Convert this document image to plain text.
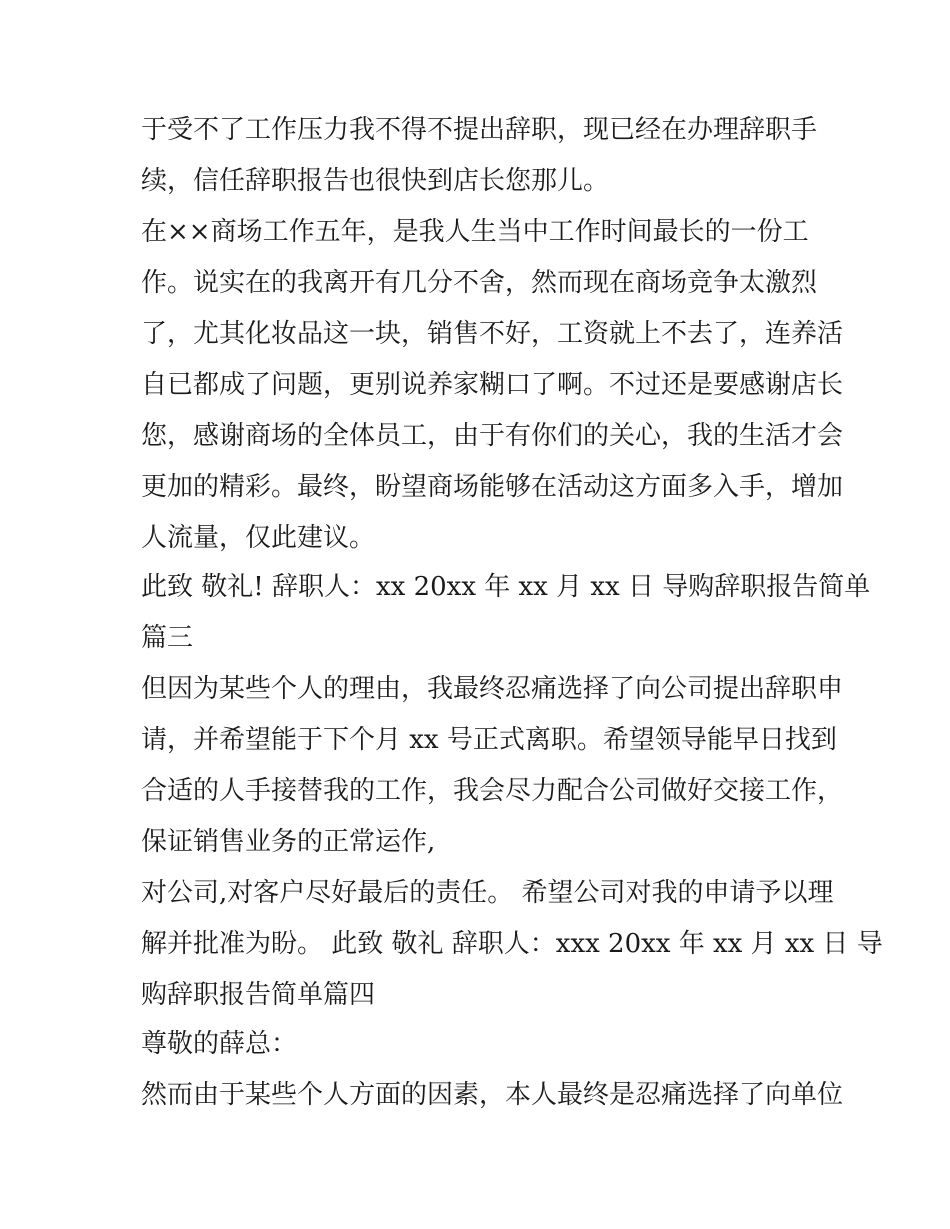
于受不了工作压力我不得不提出辞职，现已经在办理辞职手
续，信任辞职报告也很快到店长您那儿。
在××商场工作五年，是我人生当中工作时间最长的一份工
作。说实在的我离开有几分不舍，然而现在商场竞争太激烈
了，尤其化妆品这一块，销售不好，工资就上不去了，连养活
自已都成了问题，更别说养家糊口了啊。不过还是要感谢店长
您，感谢商场的全体员工，由于有你们的关心，我的生活才会
更加的精彩。最终，盼望商场能够在活动这方面多入手，增加
人流量，仅此建议。
此致 敬礼! 辞职人：xx 20xx 年 xx 月 xx 日 导购辞职报告简单
篇三
但因为某些个人的理由，我最终忍痛选择了向公司提出辞职申
请，并希望能于下个月 xx 号正式离职。希望领导能早日找到
合适的人手接替我的工作，我会尽力配合公司做好交接工作，
保证销售业务的正常运作,
对公司,对客户尽好最后的责任。 希望公司对我的申请予以理
解并批准为盼。 此致 敬礼 辞职人：xxx 20xx 年 xx 月 xx 日 导
购辞职报告简单篇四
尊敬的薛总：
然而由于某些个人方面的因素，本人最终是忍痛选择了向单位
